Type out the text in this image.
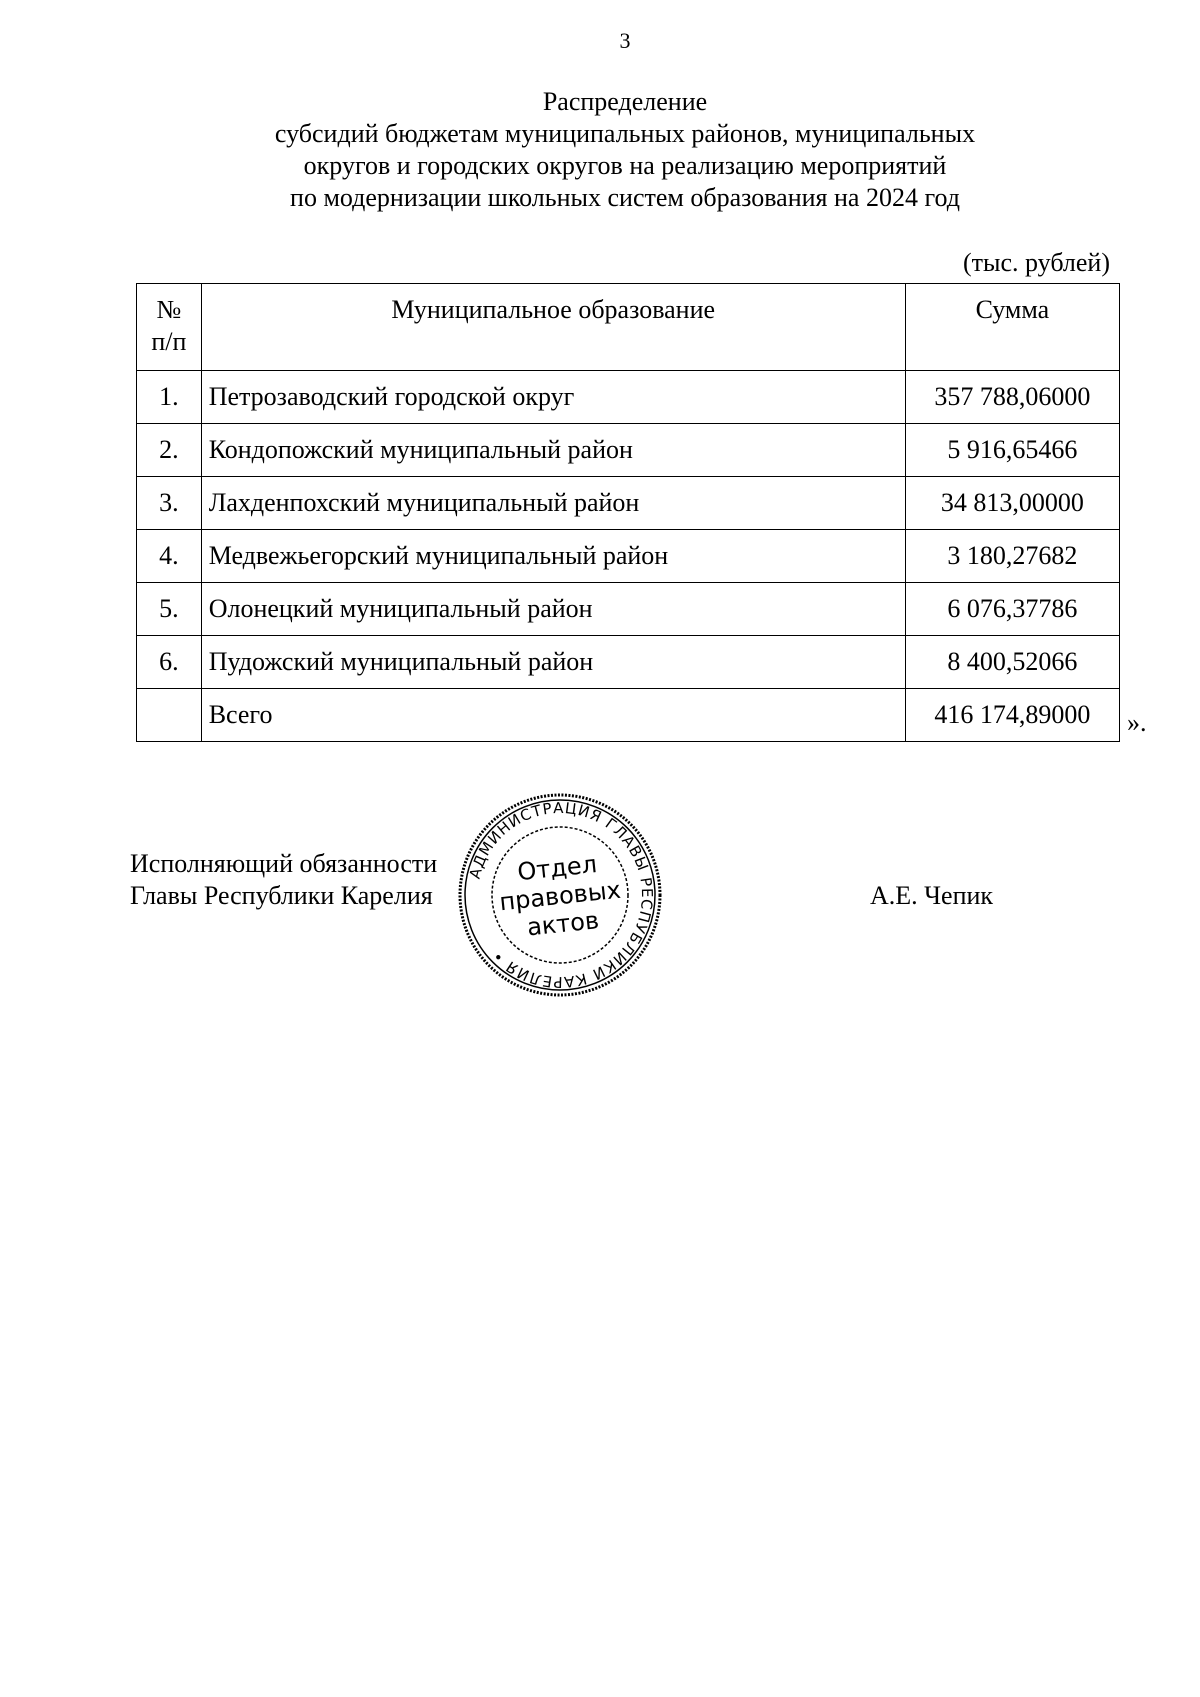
3
Распределение
субсидий бюджетам муниципальных районов, муниципальных
округов и городских округов на реализацию мероприятий
по модернизации школьных систем образования на 2024 год
(тыс. рублей)
№
п/п	Муниципальное образование	Сумма
1.	Петрозаводский городской округ	357 788,06000
2.	Кондопожский муниципальный район	5 916,65466
3.	Лахденпохский муниципальный район	34 813,00000
4.	Медвежьегорский муниципальный район	3 180,27682
5.	Олонецкий муниципальный район	6 076,37786
6.	Пудожский муниципальный район	8 400,52066
	Всего	416 174,89000 ».
Исполняющий обязанности
Главы Республики Карелия	А.Е. Чепик
АДМИНИСТРАЦИЯ ГЛАВЫ РЕСПУБЛИКИ КАРЕЛИЯ •
Отдел
правовых
актов
